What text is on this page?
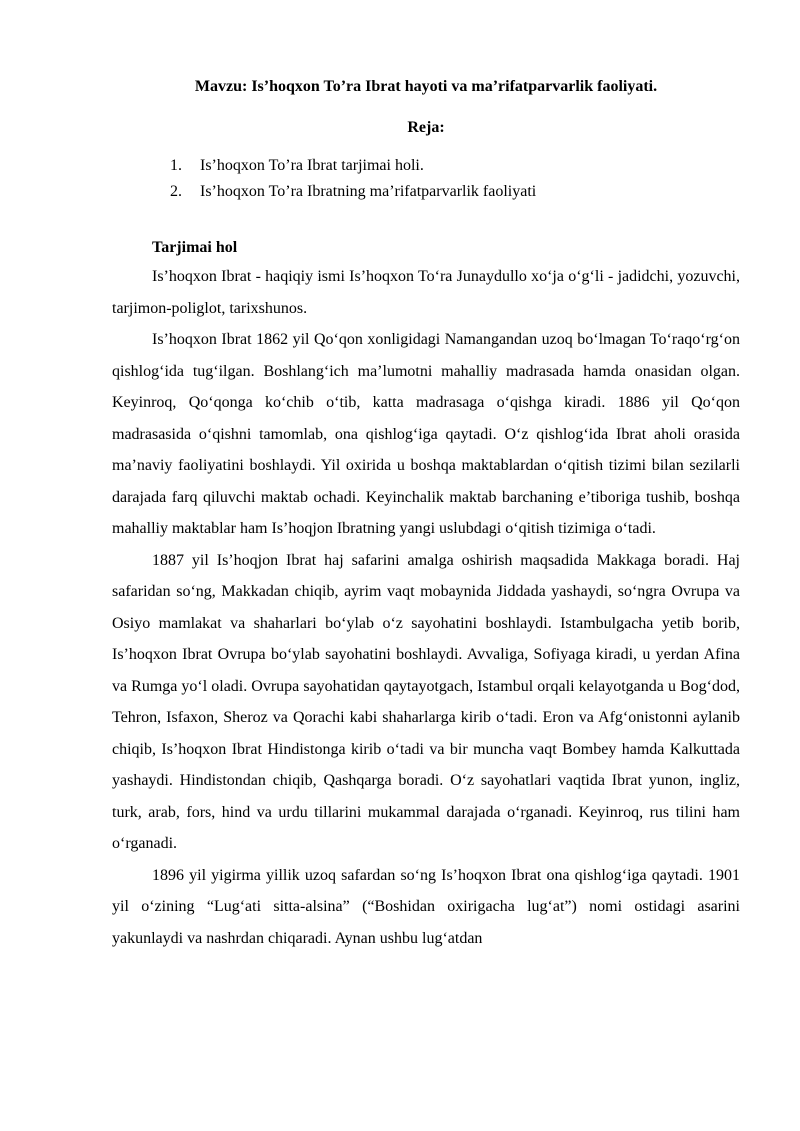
Mavzu: Is’hoqxon To’ra Ibrat hayoti va ma’rifatparvarlik faoliyati.
Reja:
1.	Is’hoqxon To’ra Ibrat tarjimai holi.
2.	Is’hoqxon To’ra Ibratning ma’rifatparvarlik faoliyati
Tarjimai hol

Is’hoqxon Ibrat - haqiqiy ismi Is’hoqxon To‘ra Junaydullo xo‘ja o‘g‘li - jadidchi, yozuvchi, tarjimon-poliglot, tarixshunos.

Is’hoqxon Ibrat 1862 yil Qo‘qon xonligidagi Namangandan uzoq bo‘lmagan To‘raqo‘rg‘on qishlog‘ida tug‘ilgan. Boshlang‘ich ma’lumotni mahalliy madrasada hamda onasidan olgan. Keyinroq, Qo‘qonga ko‘chib o‘tib, katta madrasaga o‘qishga kiradi. 1886 yil Qo‘qon madrasasida o‘qishni tamomlab, ona qishlog‘iga qaytadi. O‘z qishlog‘ida Ibrat aholi orasida ma’naviy faoliyatini boshlaydi. Yil oxirida u boshqa maktablardan o‘qitish tizimi bilan sezilarli darajada farq qiluvchi maktab ochadi. Keyinchalik maktab barchaning e’tiboriga tushib, boshqa mahalliy maktablar ham Is’hoqjon Ibratning yangi uslubdagi o‘qitish tizimiga o‘tadi.

1887 yil Is’hoqjon Ibrat haj safarini amalga oshirish maqsadida Makkaga boradi. Haj safaridan so‘ng, Makkadan chiqib, ayrim vaqt mobaynida Jiddada yashaydi, so‘ngra Ovrupa va Osiyo mamlakat va shaharlari bo‘ylab o‘z sayohatini boshlaydi. Istambulgacha yetib borib, Is’hoqxon Ibrat Ovrupa bo‘ylab sayohatini boshlaydi. Avvaliga, Sofiyaga kiradi, u yerdan Afina va Rumga yo‘l oladi. Ovrupa sayohatidan qaytayotgach, Istambul orqali kelayotganda u Bog‘dod, Tehron, Isfaxon, Sheroz va Qorachi kabi shaharlarga kirib o‘tadi. Eron va Afg‘onistonni aylanib chiqib, Is’hoqxon Ibrat Hindistonga kirib o‘tadi va bir muncha vaqt Bombey hamda Kalkuttada yashaydi. Hindistondan chiqib, Qashqarga boradi. O‘z sayohatlari vaqtida Ibrat yunon, ingliz, turk, arab, fors, hind va urdu tillarini mukammal darajada o‘rganadi. Keyinroq, rus tilini ham o‘rganadi.

1896 yil yigirma yillik uzoq safardan so‘ng Is’hoqxon Ibrat ona qishlog‘iga qaytadi. 1901 yil o‘zining “Lug‘ati sitta-alsina” (“Boshidan oxirigacha lug‘at”) nomi ostidagi asarini yakunlaydi va nashrdan chiqaradi. Aynan ushbu lug‘atdan
